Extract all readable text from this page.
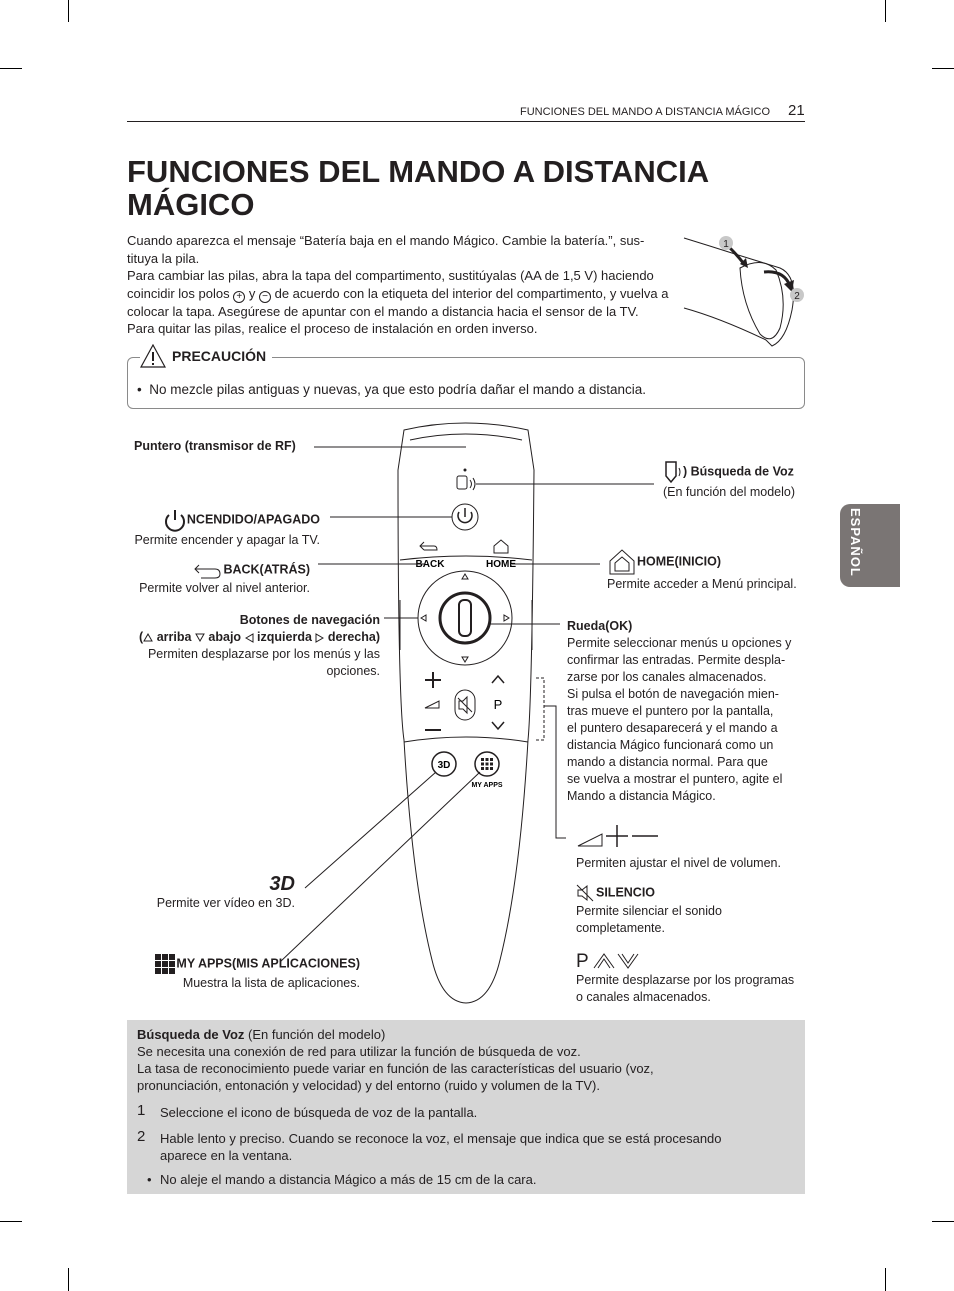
FUNCIONES DEL MANDO A DISTANCIA MÁGICO 21
ESPAÑOL
FUNCIONES DEL MANDO A DISTANCIA MÁGICO

Cuando aparezca el mensaje “Batería baja en el mando Mágico. Cambie la batería.”, sus-

tituya la pila.

Para cambiar las pilas, abra la tapa del compartimento, sustitúyalas (AA de 1,5 V) haciendo

coincidir los polos + y − de acuerdo con la etiqueta del interior del compartimento, y vuelva a

colocar la tapa. Asegúrese de apuntar con el mando a distancia hacia el sensor de la TV.

Para quitar las pilas, realice el proceso de instalación en orden inverso.

1
2
PRECAUCIÓN
• No mezcle pilas antiguas y nuevas, ya que esto podría dañar el mando a distancia.
BACK	HOME
P
3D
MY APPS
Puntero (transmisor de RF)
NCENDIDO/APAGADO
Permite encender y apagar la TV.
BACK(ATRÁS)
Permite volver al nivel anterior.
Botones de navegación
( arriba abajo izquierda derecha)
Permiten desplazarse por los menús y las
opciones.
3D
Permite ver vídeo en 3D.
MY APPS(MIS APLICACIONES)
Muestra la lista de aplicaciones.
) Búsqueda de Voz
(En función del modelo)
HOME(INICIO)
Permite acceder a Menú principal.
Rueda(OK)
Permite seleccionar menús u opciones y
confirmar las entradas. Permite despla-
zarse por los canales almacenados.
Si pulsa el botón de navegación mien-
tras mueve el puntero por la pantalla,
el puntero desaparecerá y el mando a
distancia Mágico funcionará como un
mando a distancia normal. Para que
se vuelva a mostrar el puntero, agite el
Mando a distancia Mágico.
Permiten ajustar el nivel de volumen.
SILENCIO
Permite silenciar el sonido
completamente.
P
Permite desplazarse por los programas
o canales almacenados.
Búsqueda de Voz (En función del modelo)
Se necesita una conexión de red para utilizar la función de búsqueda de voz.
La tasa de reconocimiento puede variar en función de las características del usuario (voz,
pronunciación, entonación y velocidad) y del entorno (ruido y volumen de la TV).
1 Seleccione el icono de búsqueda de voz de la pantalla.
2 Hable lento y preciso. Cuando se reconoce la voz, el mensaje que indica que se está procesando
aparece en la ventana.
• No aleje el mando a distancia Mágico a más de 15 cm de la cara.
